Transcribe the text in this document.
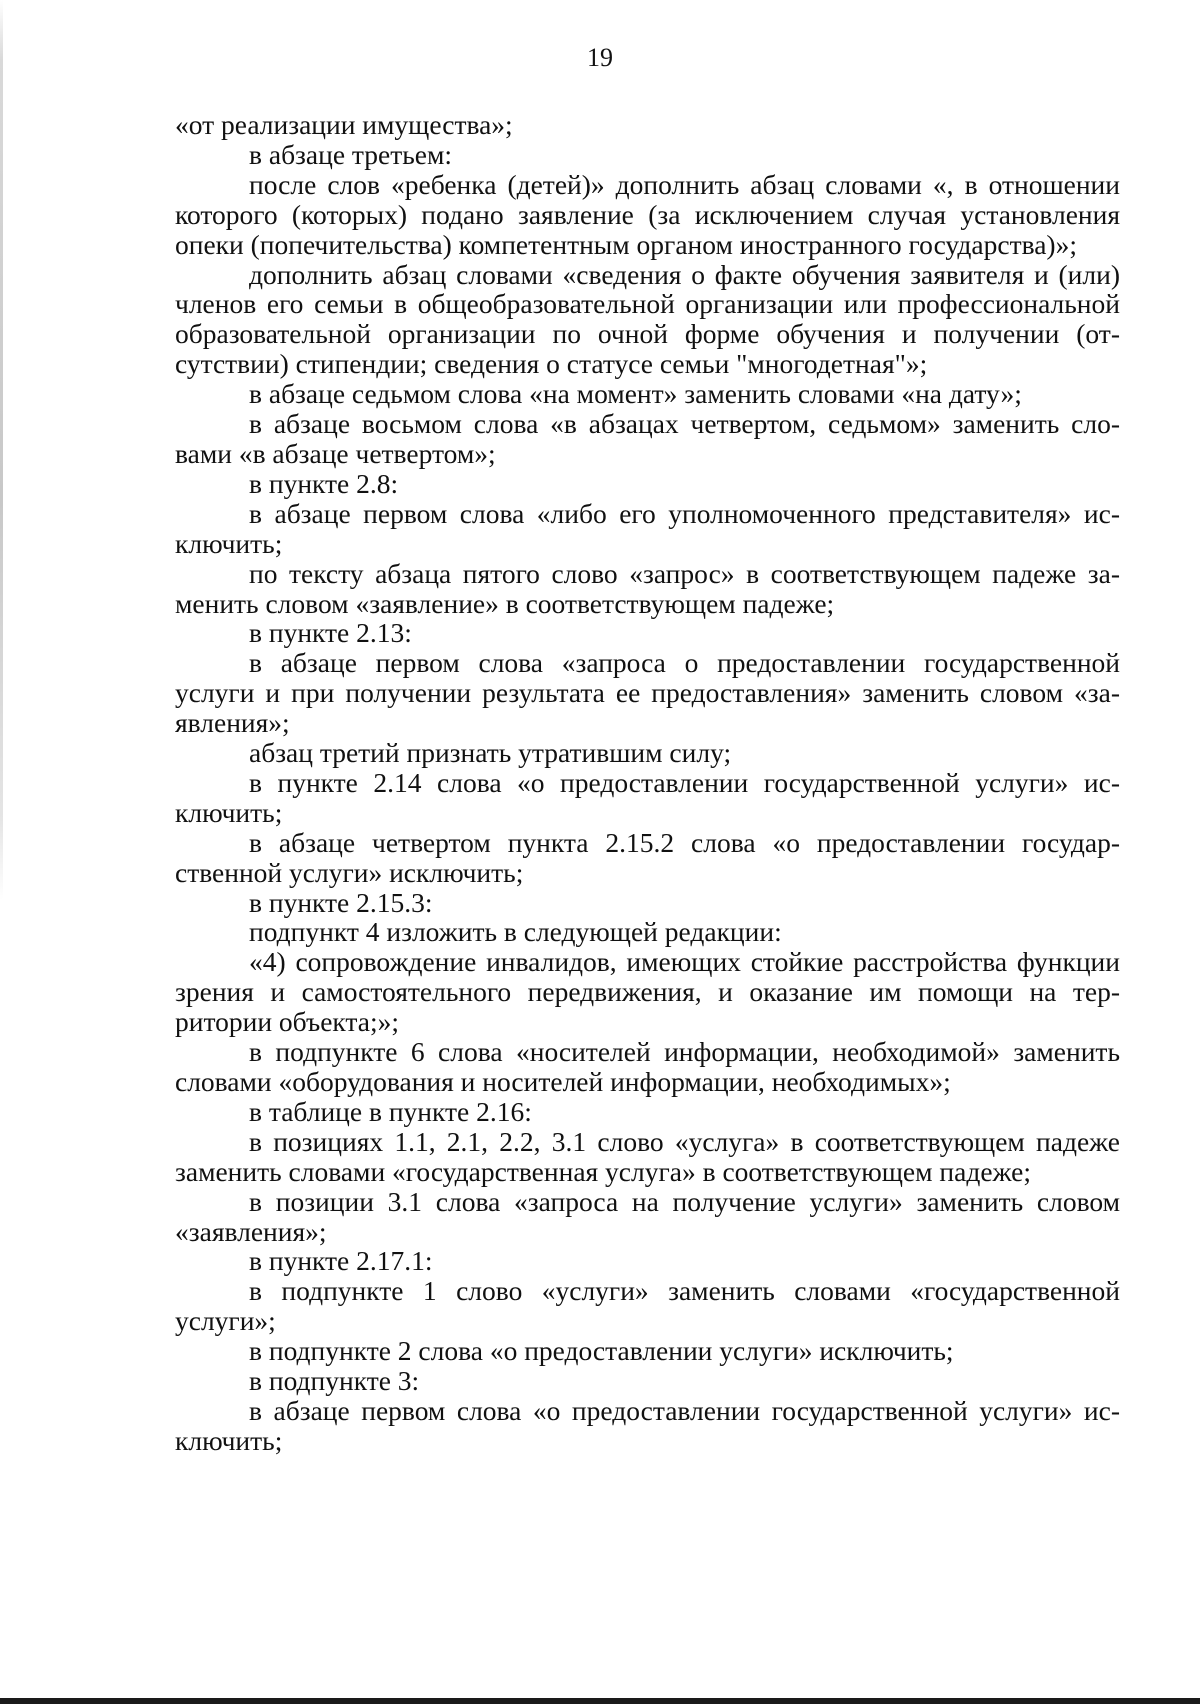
19

«от реализации имущества»;

в абзаце третьем:

после слов «ребенка (детей)» дополнить абзац словами «, в отношении которого (которых) подано заявление (за исключением случая установления опеки (попечительства) компетентным органом иностранного государства)»;

дополнить абзац словами «сведения о факте обучения заявителя и (или) членов его семьи в общеобразовательной организации или профессиональной образовательной организации по очной форме обучения и получении (отсутствии) стипендии; сведения о статусе семьи "многодетная"»;

в абзаце седьмом слова «на момент» заменить словами «на дату»;

в абзаце восьмом слова «в абзацах четвертом, седьмом» заменить словами «в абзаце четвертом»;

в пункте 2.8:

в абзаце первом слова «либо его уполномоченного представителя» исключить;

по тексту абзаца пятого слово «запрос» в соответствующем падеже заменить словом «заявление» в соответствующем падеже;

в пункте 2.13:

в абзаце первом слова «запроса о предоставлении государственной услуги и при получении результата ее предоставления» заменить словом «заявления»;

абзац третий признать утратившим силу;

в пункте 2.14 слова «о предоставлении государственной услуги» исключить;

в абзаце четвертом пункта 2.15.2 слова «о предоставлении государственной услуги» исключить;

в пункте 2.15.3:

подпункт 4 изложить в следующей редакции:

«4) сопровождение инвалидов, имеющих стойкие расстройства функции зрения и самостоятельного передвижения, и оказание им помощи на территории объекта;»;

в подпункте 6 слова «носителей информации, необходимой» заменить словами «оборудования и носителей информации, необходимых»;

в таблице в пункте 2.16:

в позициях 1.1, 2.1, 2.2, 3.1 слово «услуга» в соответствующем падеже заменить словами «государственная услуга» в соответствующем падеже;

в позиции 3.1 слова «запроса на получение услуги» заменить словом «заявления»;

в пункте 2.17.1:

в подпункте 1 слово «услуги» заменить словами «государственной услуги»;

в подпункте 2 слова «о предоставлении услуги» исключить;

в подпункте 3:

в абзаце первом слова «о предоставлении государственной услуги» исключить;
